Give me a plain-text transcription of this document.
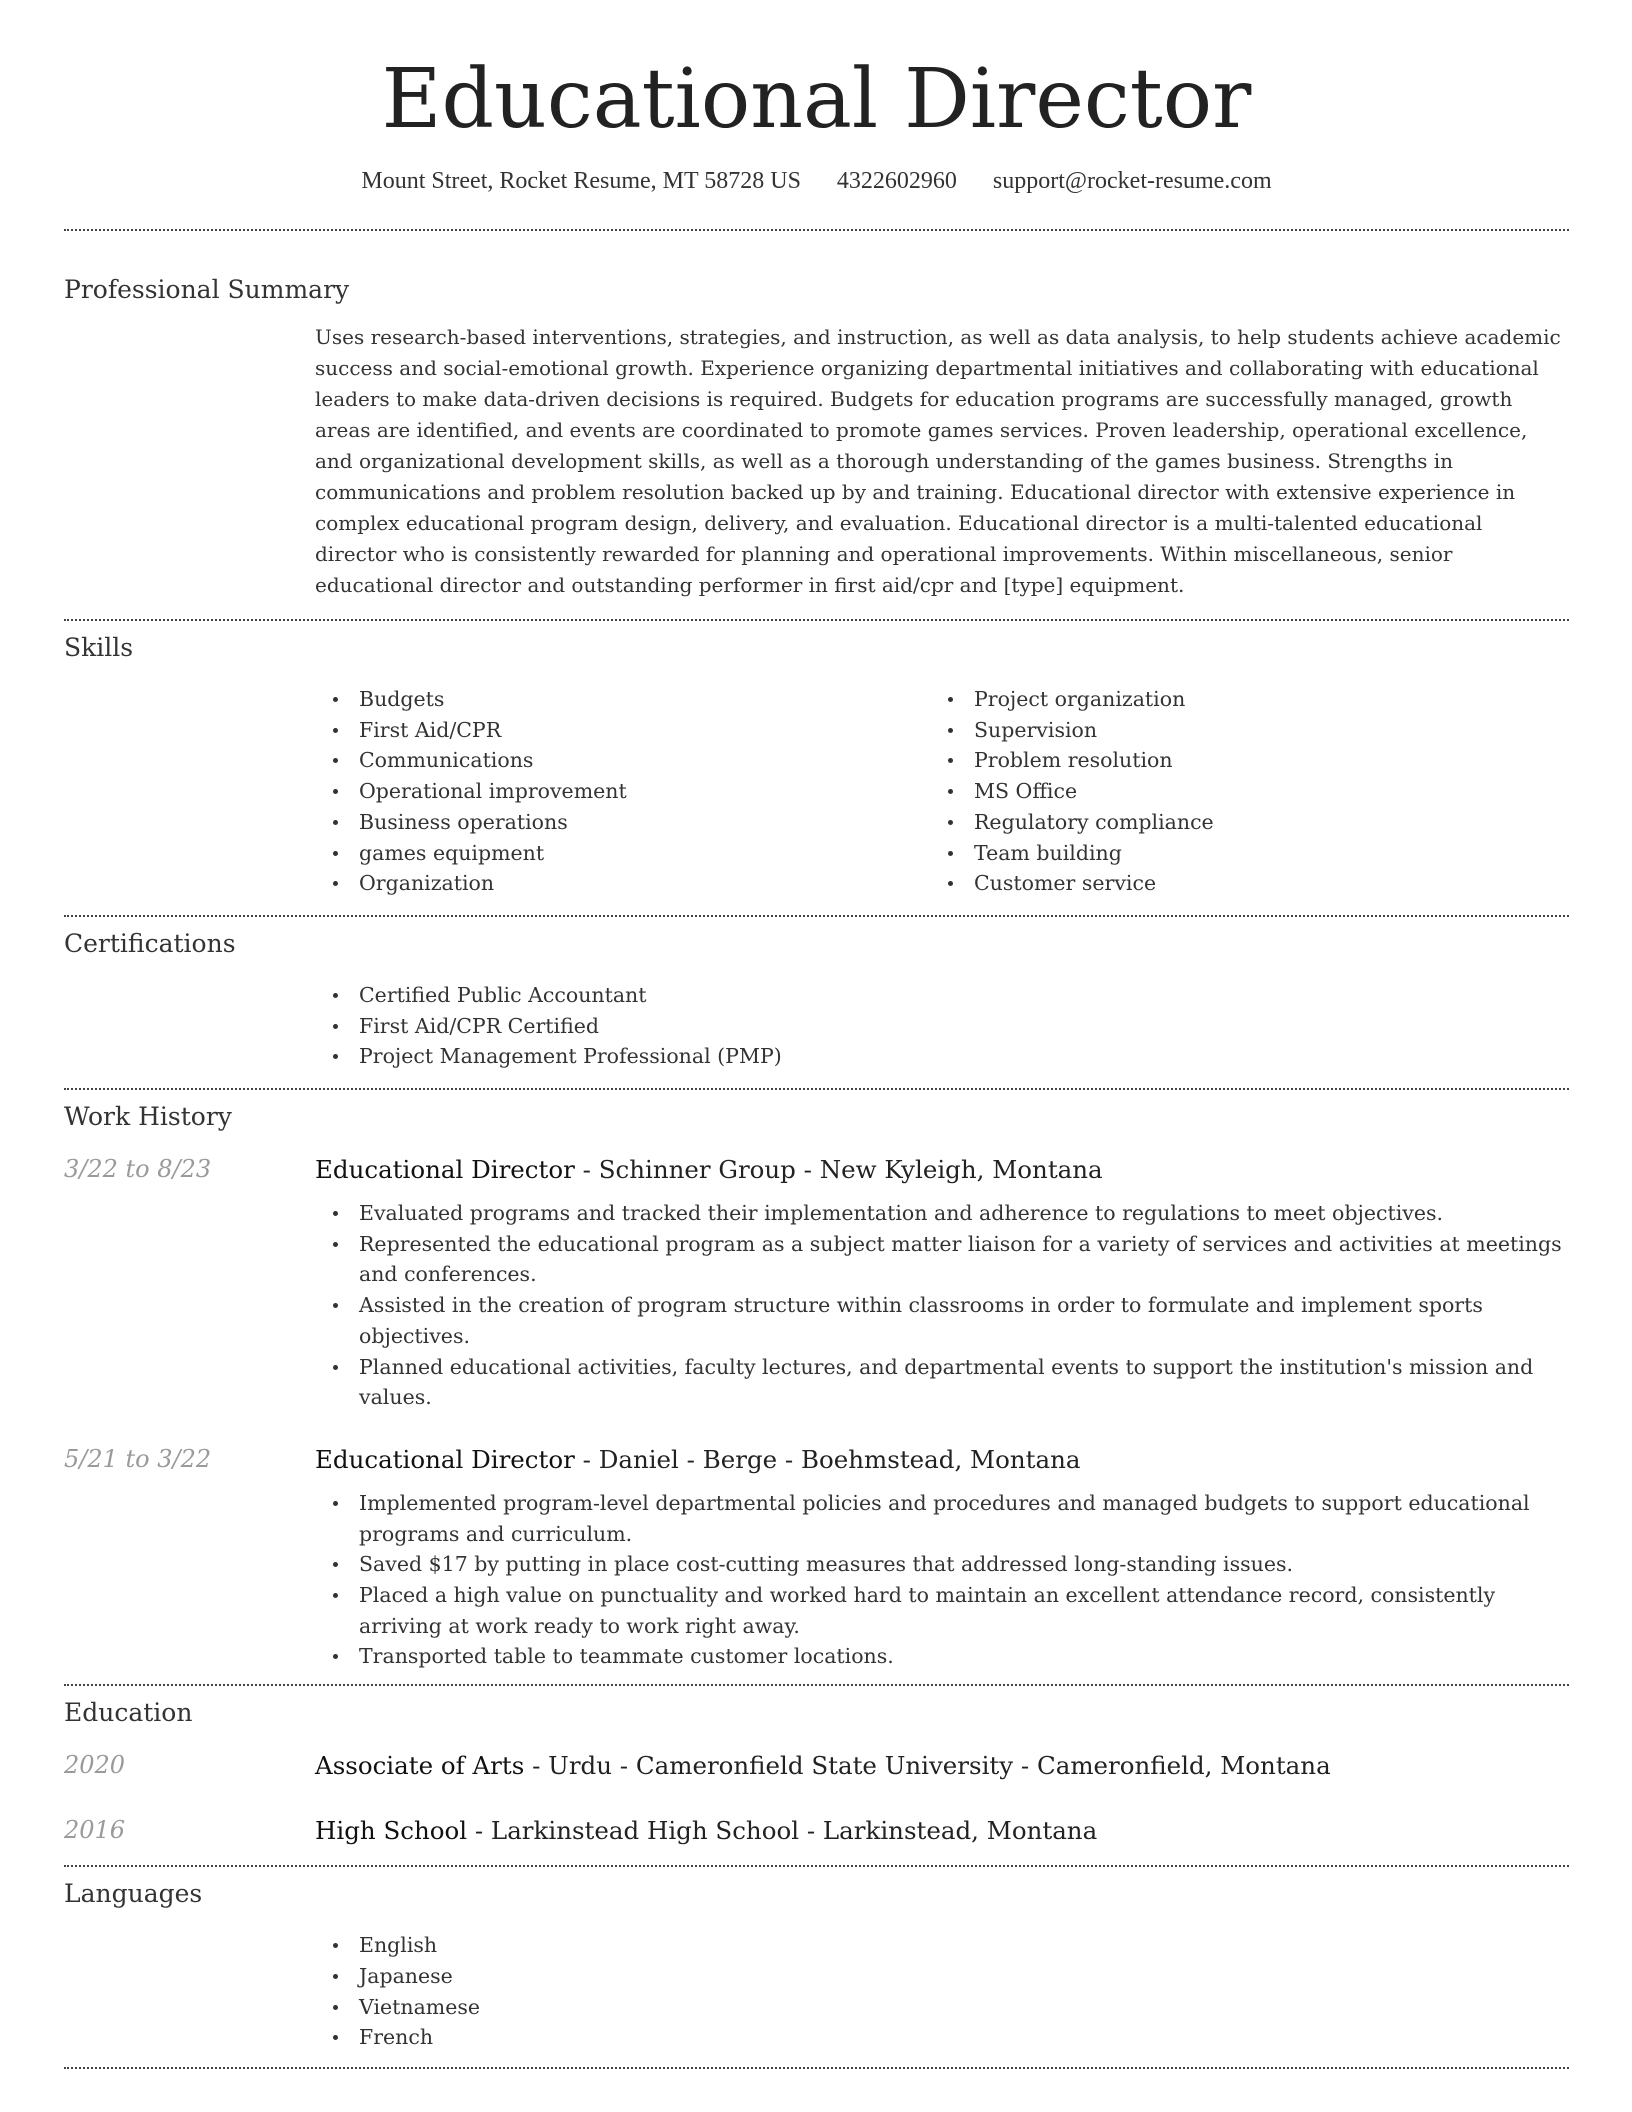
Educational Director
Mount Street, Rocket Resume, MT 58728 US 4322602960 support@rocket-resume.com
Professional Summary

Uses research-based interventions, strategies, and instruction, as well as data analysis, to help students achieve academic success and social-emotional growth. Experience organizing departmental initiatives and collaborating with educational leaders to make data-driven decisions is required. Budgets for education programs are successfully managed, growth areas are identified, and events are coordinated to promote games services. Proven leadership, operational excellence, and organizational development skills, as well as a thorough understanding of the games business. Strengths in communications and problem resolution backed up by and training. Educational director with extensive experience in complex educational program design, delivery, and evaluation. Educational director is a multi-talented educational director who is consistently rewarded for planning and operational improvements. Within miscellaneous, senior educational director and outstanding performer in first aid/cpr and [type] equipment.

Skills
Budgets
First Aid/CPR
Communications
Operational improvement
Business operations
games equipment
Organization
Project organization
Supervision
Problem resolution
MS Office
Regulatory compliance
Team building
Customer service
Certifications
Certified Public Accountant
First Aid/CPR Certified
Project Management Professional (PMP)
Work History
3/22 to 8/23	Educational Director - Schinner Group - New Kyleigh, Montana
Evaluated programs and tracked their implementation and adherence to regulations to meet objectives.
Represented the educational program as a subject matter liaison for a variety of services and activities at meetings and conferences.
Assisted in the creation of program structure within classrooms in order to formulate and implement sports objectives.
Planned educational activities, faculty lectures, and departmental events to support the institution's mission and values.
5/21 to 3/22	Educational Director - Daniel - Berge - Boehmstead, Montana
Implemented program-level departmental policies and procedures and managed budgets to support educational programs and curriculum.
Saved $17 by putting in place cost-cutting measures that addressed long-standing issues.
Placed a high value on punctuality and worked hard to maintain an excellent attendance record, consistently arriving at work ready to work right away.
Transported table to teammate customer locations.
Education
2020	Associate of Arts - Urdu - Cameronfield State University - Cameronfield, Montana
2016	High School - Larkinstead High School - Larkinstead, Montana
Languages
English
Japanese
Vietnamese
French
